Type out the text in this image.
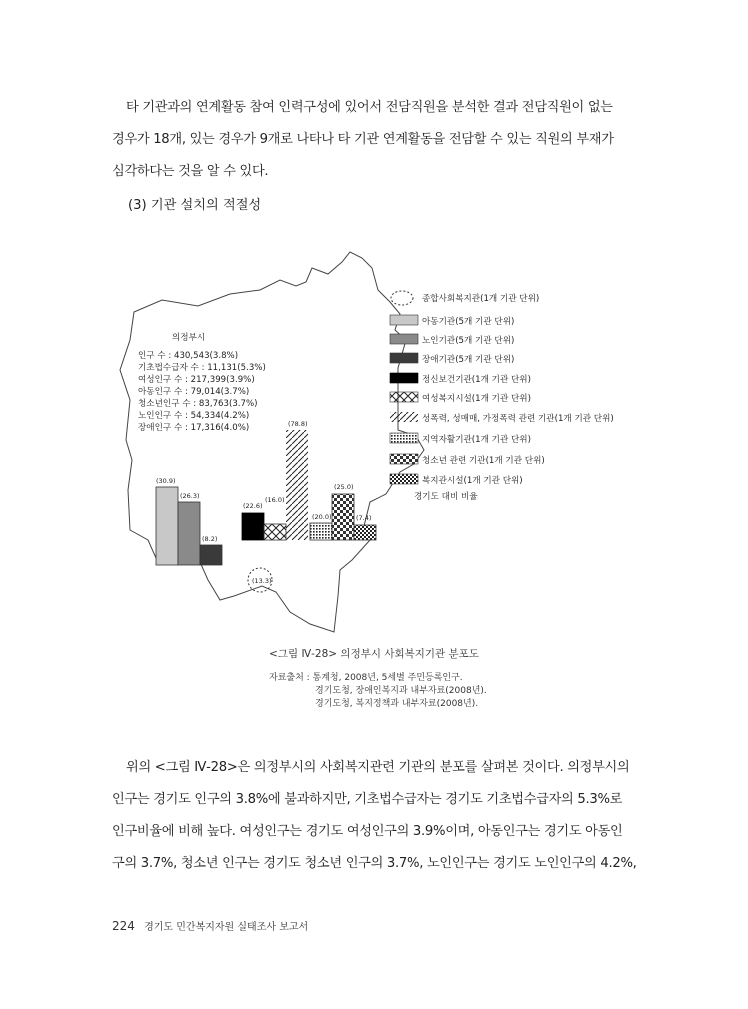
타 기관과의 연계활동 참여 인력구성에 있어서 전담직원을 분석한 결과 전담직원이 없는
경우가 18개, 있는 경우가 9개로 나타나 타 기관 연계활동을 전담할 수 있는 직원의 부재가
심각하다는 것을 알 수 있다.

(3) 기관 설치의 적절성

의정부시
인구 수 : 430,543(3.8%)
기초법수급자 수 : 11,131(5.3%)
여성인구 수 : 217,399(3.9%)
아동인구 수 : 79,014(3.7%)
청소년인구 수 : 83,763(3.7%)
노인인구 수 : 54,334(4.2%)
장애인구 수 : 17,316(4.0%)
(30.9)
(26.3)
(8.2)
(22.6)
(16.0)
(78.8)
(20.0)
(25.0)
(7.4)
(13.3)
종합사회복지관(1개 기관 단위)
아동기관(5개 기관 단위)
노인기관(5개 기관 단위)
장애기관(5개 기관 단위)
정신보건기관(1개 기관 단위)
여성복지시설(1개 기관 단위)
성폭력, 성매매, 가정폭력 관련 기관(1개 기관 단위)
지역자활기관(1개 기관 단위)
청소년 관련 기관(1개 기관 단위)
복지관시설(1개 기관 단위)
경기도 대비 비율
<그림 Ⅳ-28> 의정부시 사회복지기관 분포도
자료출처 : 통계청, 2008년, 5세별 주민등록인구.
경기도청, 장애인복지과 내부자료(2008년).
경기도청, 복지정책과 내부자료(2008년).

위의 <그림 Ⅳ-28>은 의정부시의 사회복지관련 기관의 분포를 살펴본 것이다. 의정부시의
인구는 경기도 인구의 3.8%에 불과하지만, 기초법수급자는 경기도 기초법수급자의 5.3%로
인구비율에 비해 높다. 여성인구는 경기도 여성인구의 3.9%이며, 아동인구는 경기도 아동인
구의 3.7%, 청소년 인구는 경기도 청소년 인구의 3.7%, 노인인구는 경기도 노인인구의 4.2%,

224 경기도 민간복지자원 실태조사 보고서
